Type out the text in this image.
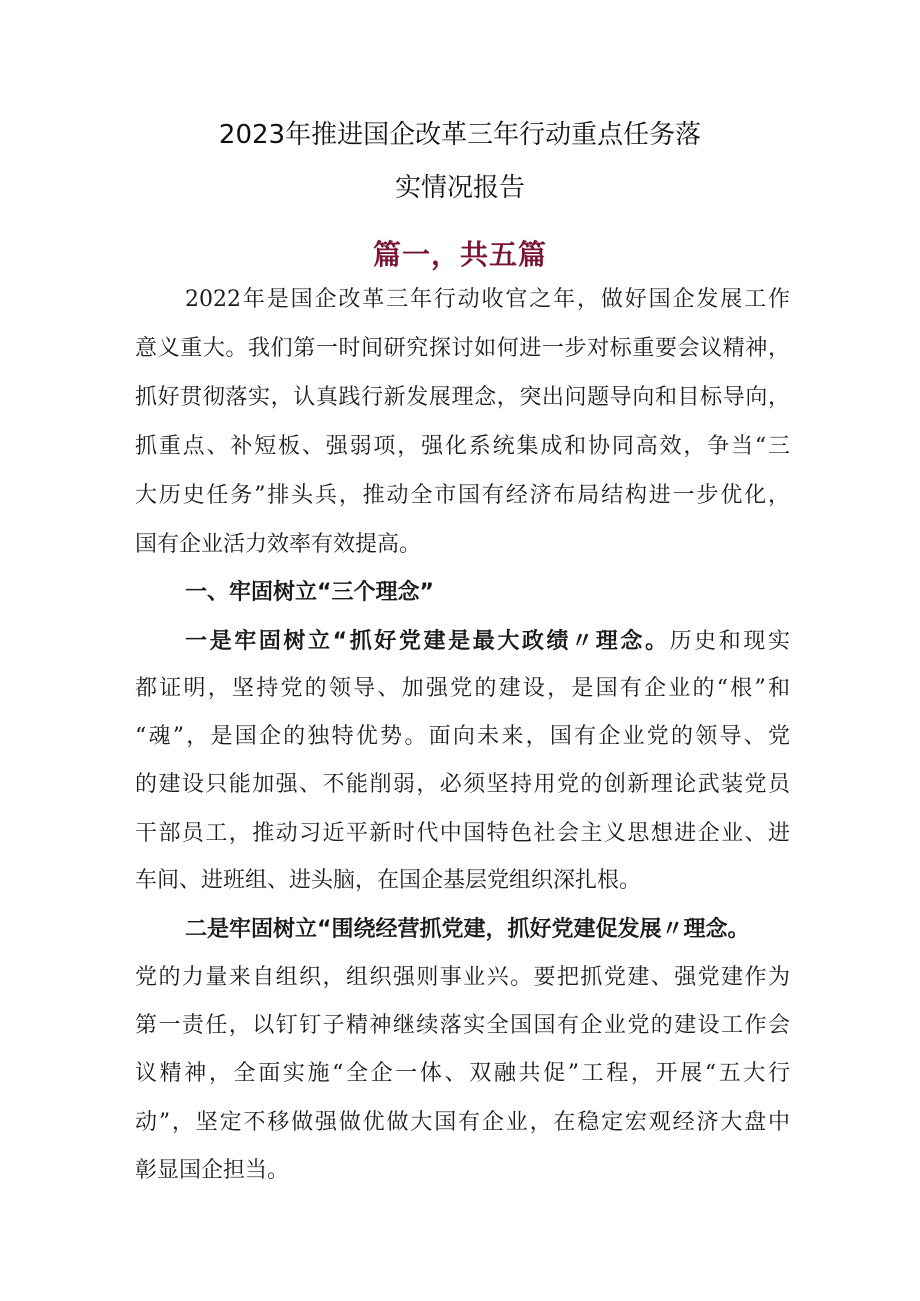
2023年推进国企改革三年行动重点任务落
实情况报告
篇一，共五篇
2022年是国企改革三年行动收官之年，做好国企发展工作
意义重大。我们第一时间研究探讨如何进一步对标重要会议精神，
抓好贯彻落实，认真践行新发展理念，突出问题导向和目标导向，
抓重点、补短板、强弱项，强化系统集成和协同高效，争当“三
大历史任务”排头兵，推动全市国有经济布局结构进一步优化，
国有企业活力效率有效提高。
一、牢固树立“三个理念”
一是牢固树立“抓好党建是最大政绩〃理念。历史和现实
都证明，坚持党的领导、加强党的建设，是国有企业的“根”和
“魂”，是国企的独特优势。面向未来，国有企业党的领导、党
的建设只能加强、不能削弱，必须坚持用党的创新理论武装党员
干部员工，推动习近平新时代中国特色社会主义思想进企业、进
车间、进班组、进头脑，在国企基层党组织深扎根。
二是牢固树立“围绕经营抓党建，抓好党建促发展〃理念。
党的力量来自组织，组织强则事业兴。要把抓党建、强党建作为
第一责任，以钉钉子精神继续落实全国国有企业党的建设工作会
议精神，全面实施“全企一体、双融共促”工程，开展“五大行
动”，坚定不移做强做优做大国有企业，在稳定宏观经济大盘中
彰显国企担当。
